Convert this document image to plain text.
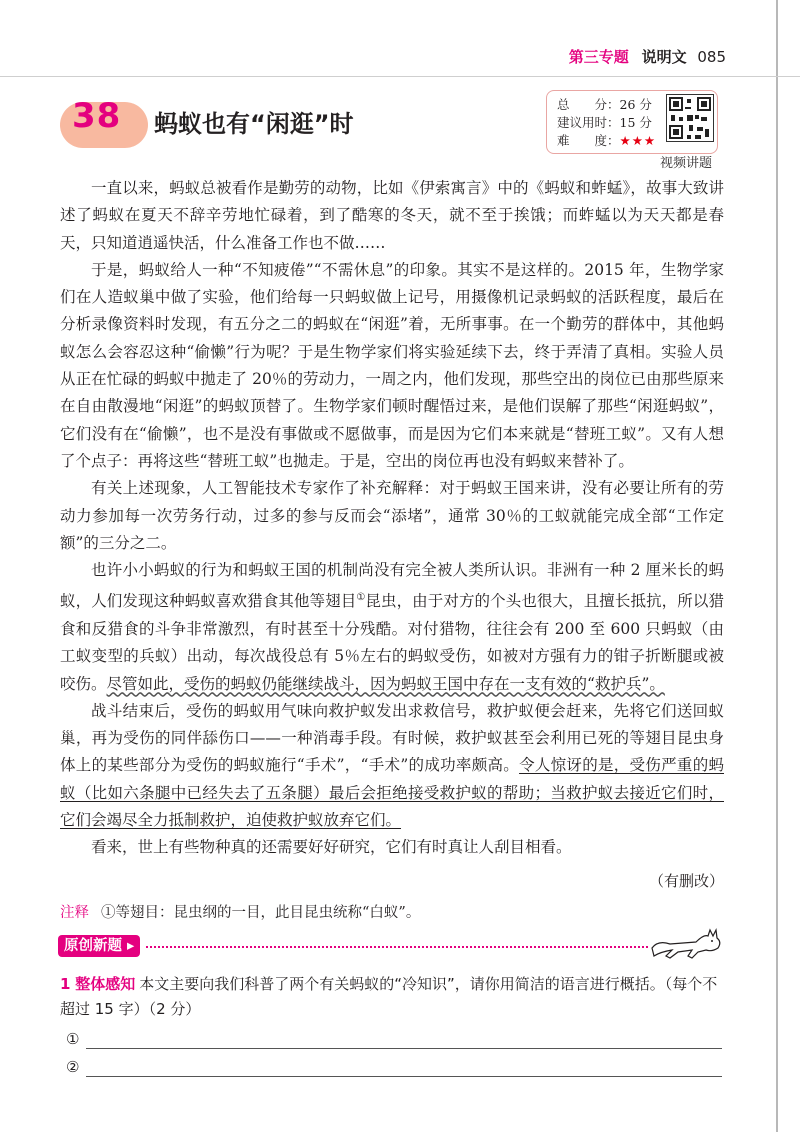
第三专题 说明文 085
38 蚂蚁也有“闲逛”时
总　　分：26 分
建议用时：15 分
难　　度：★★★
视频讲题

一直以来，蚂蚁总被看作是勤劳的动物，比如《伊索寓言》中的《蚂蚁和蚱蜢》，故事大致讲述了蚂蚁在夏天不辞辛劳地忙碌着，到了酷寒的冬天，就不至于挨饿；而蚱蜢以为天天都是春天，只知道逍遥快活，什么准备工作也不做……

于是，蚂蚁给人一种“不知疲倦”“不需休息”的印象。其实不是这样的。2015 年，生物学家们在人造蚁巢中做了实验，他们给每一只蚂蚁做上记号，用摄像机记录蚂蚁的活跃程度，最后在分析录像资料时发现，有五分之二的蚂蚁在“闲逛”着，无所事事。在一个勤劳的群体中，其他蚂蚁怎么会容忍这种“偷懒”行为呢？于是生物学家们将实验延续下去，终于弄清了真相。实验人员从正在忙碌的蚂蚁中拋走了 20％的劳动力，一周之内，他们发现，那些空出的岗位已由那些原来在自由散漫地“闲逛”的蚂蚁顶替了。生物学家们顿时醒悟过来，是他们误解了那些“闲逛蚂蚁”，它们没有在“偷懒”，也不是没有事做或不愿做事，而是因为它们本来就是“替班工蚁”。又有人想了个点子：再将这些“替班工蚁”也拋走。于是，空出的岗位再也没有蚂蚁来替补了。

有关上述现象，人工智能技术专家作了补充解释：对于蚂蚁王国来讲，没有必要让所有的劳动力参加每一次劳务行动，过多的参与反而会“添堵”，通常 30％的工蚁就能完成全部“工作定额”的三分之二。

也许小小蚂蚁的行为和蚂蚁王国的机制尚没有完全被人类所认识。非洲有一种 2 厘米长的蚂蚁，人们发现这种蚂蚁喜欢猎食其他等翅目①昆虫，由于对方的个头也很大，且擅长抵抗，所以猎食和反猎食的斗争非常激烈，有时甚至十分残酷。对付猎物，往往会有 200 至 600 只蚂蚁（由工蚁变型的兵蚁）出动，每次战役总有 5％左右的蚂蚁受伤，如被对方强有力的钳子折断腿或被咬伤。尽管如此，受伤的蚂蚁仍能继续战斗，因为蚂蚁王国中存在一支有效的“救护兵”。

战斗结束后，受伤的蚂蚁用气味向救护蚁发出求救信号，救护蚁便会赶来，先将它们送回蚁巢，再为受伤的同伴舔伤口——一种消毒手段。有时候，救护蚁甚至会利用已死的等翅目昆虫身体上的某些部分为受伤的蚂蚁施行“手术”，“手术”的成功率颇高。令人惊讶的是，受伤严重的蚂蚁（比如六条腿中已经失去了五条腿）最后会拒绝接受救护蚁的帮助；当救护蚁去接近它们时，它们会竭尽全力抵制救护，迫使救护蚁放弃它们。

看来，世上有些物种真的还需要好好研究，它们有时真让人刮目相看。

（有删改）
注释 ①等翅目：昆虫纲的一目，此目昆虫统称“白蚁”。
原创新题 ▸
1 整体感知 本文主要向我们科普了两个有关蚂蚁的“冷知识”，请你用简洁的语言进行概括。（每个不超过 15 字）（2 分）
①
②
